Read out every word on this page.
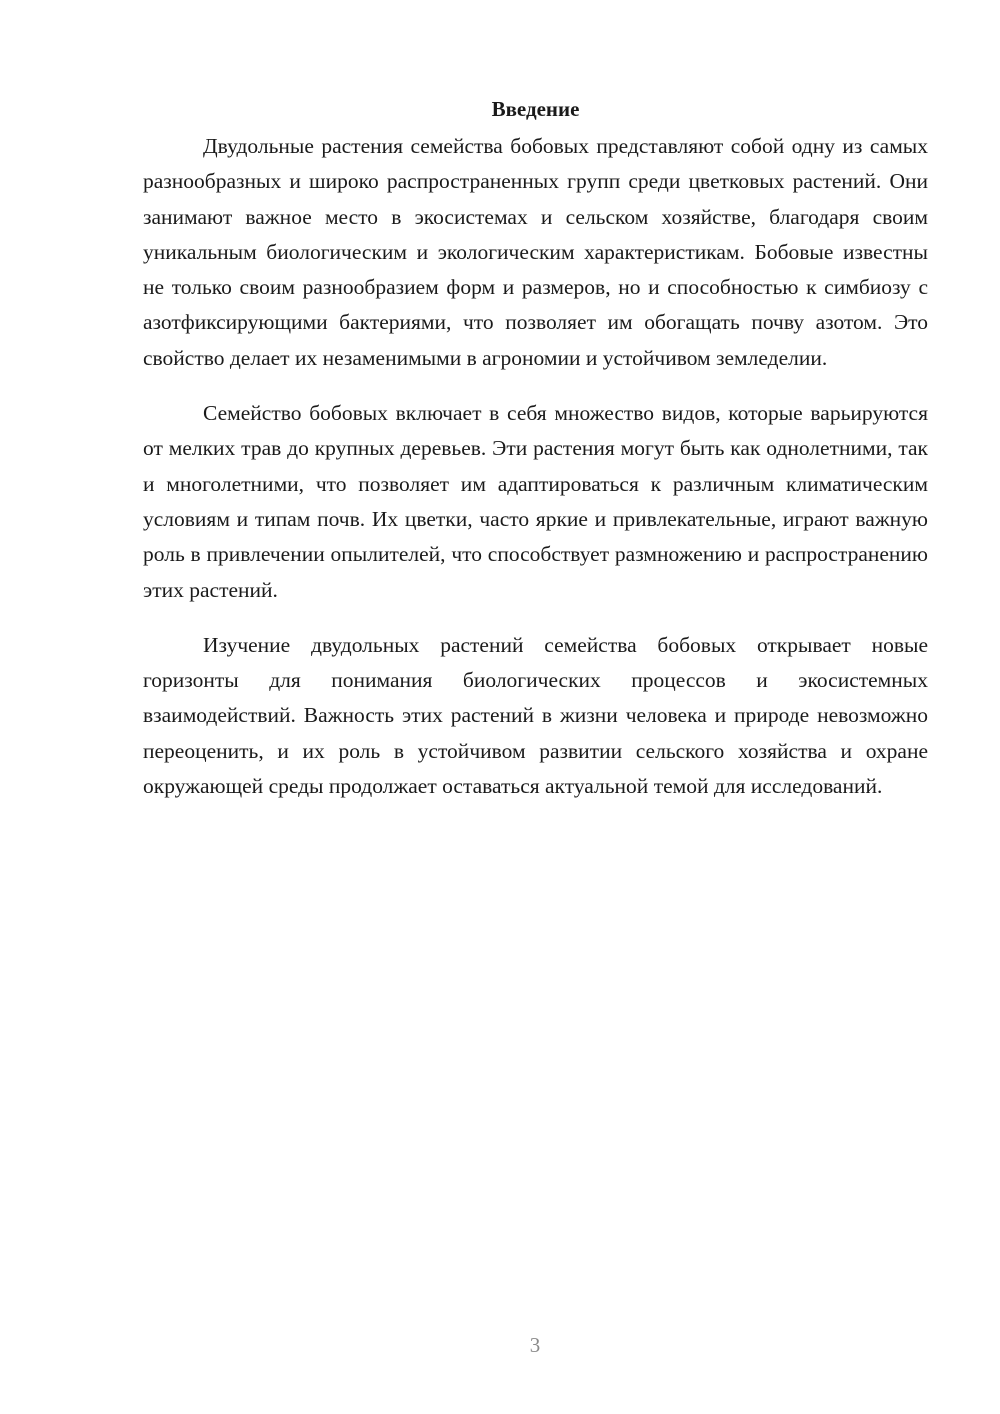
Введение

Двудольные растения семейства бобовых представляют собой одну из самых разнообразных и широко распространенных групп среди цветковых растений. Они занимают важное место в экосистемах и сельском хозяйстве, благодаря своим уникальным биологическим и экологическим характеристикам. Бобовые известны не только своим разнообразием форм и размеров, но и способностью к симбиозу с азотфиксирующими бактериями, что позволяет им обогащать почву азотом. Это свойство делает их незаменимыми в агрономии и устойчивом земледелии.

Семейство бобовых включает в себя множество видов, которые варьируются от мелких трав до крупных деревьев. Эти растения могут быть как однолетними, так и многолетними, что позволяет им адаптироваться к различным климатическим условиям и типам почв. Их цветки, часто яркие и привлекательные, играют важную роль в привлечении опылителей, что способствует размножению и распространению этих растений.

Изучение двудольных растений семейства бобовых открывает новые горизонты для понимания биологических процессов и экосистемных взаимодействий. Важность этих растений в жизни человека и природе невозможно переоценить, и их роль в устойчивом развитии сельского хозяйства и охране окружающей среды продолжает оставаться актуальной темой для исследований.

3
